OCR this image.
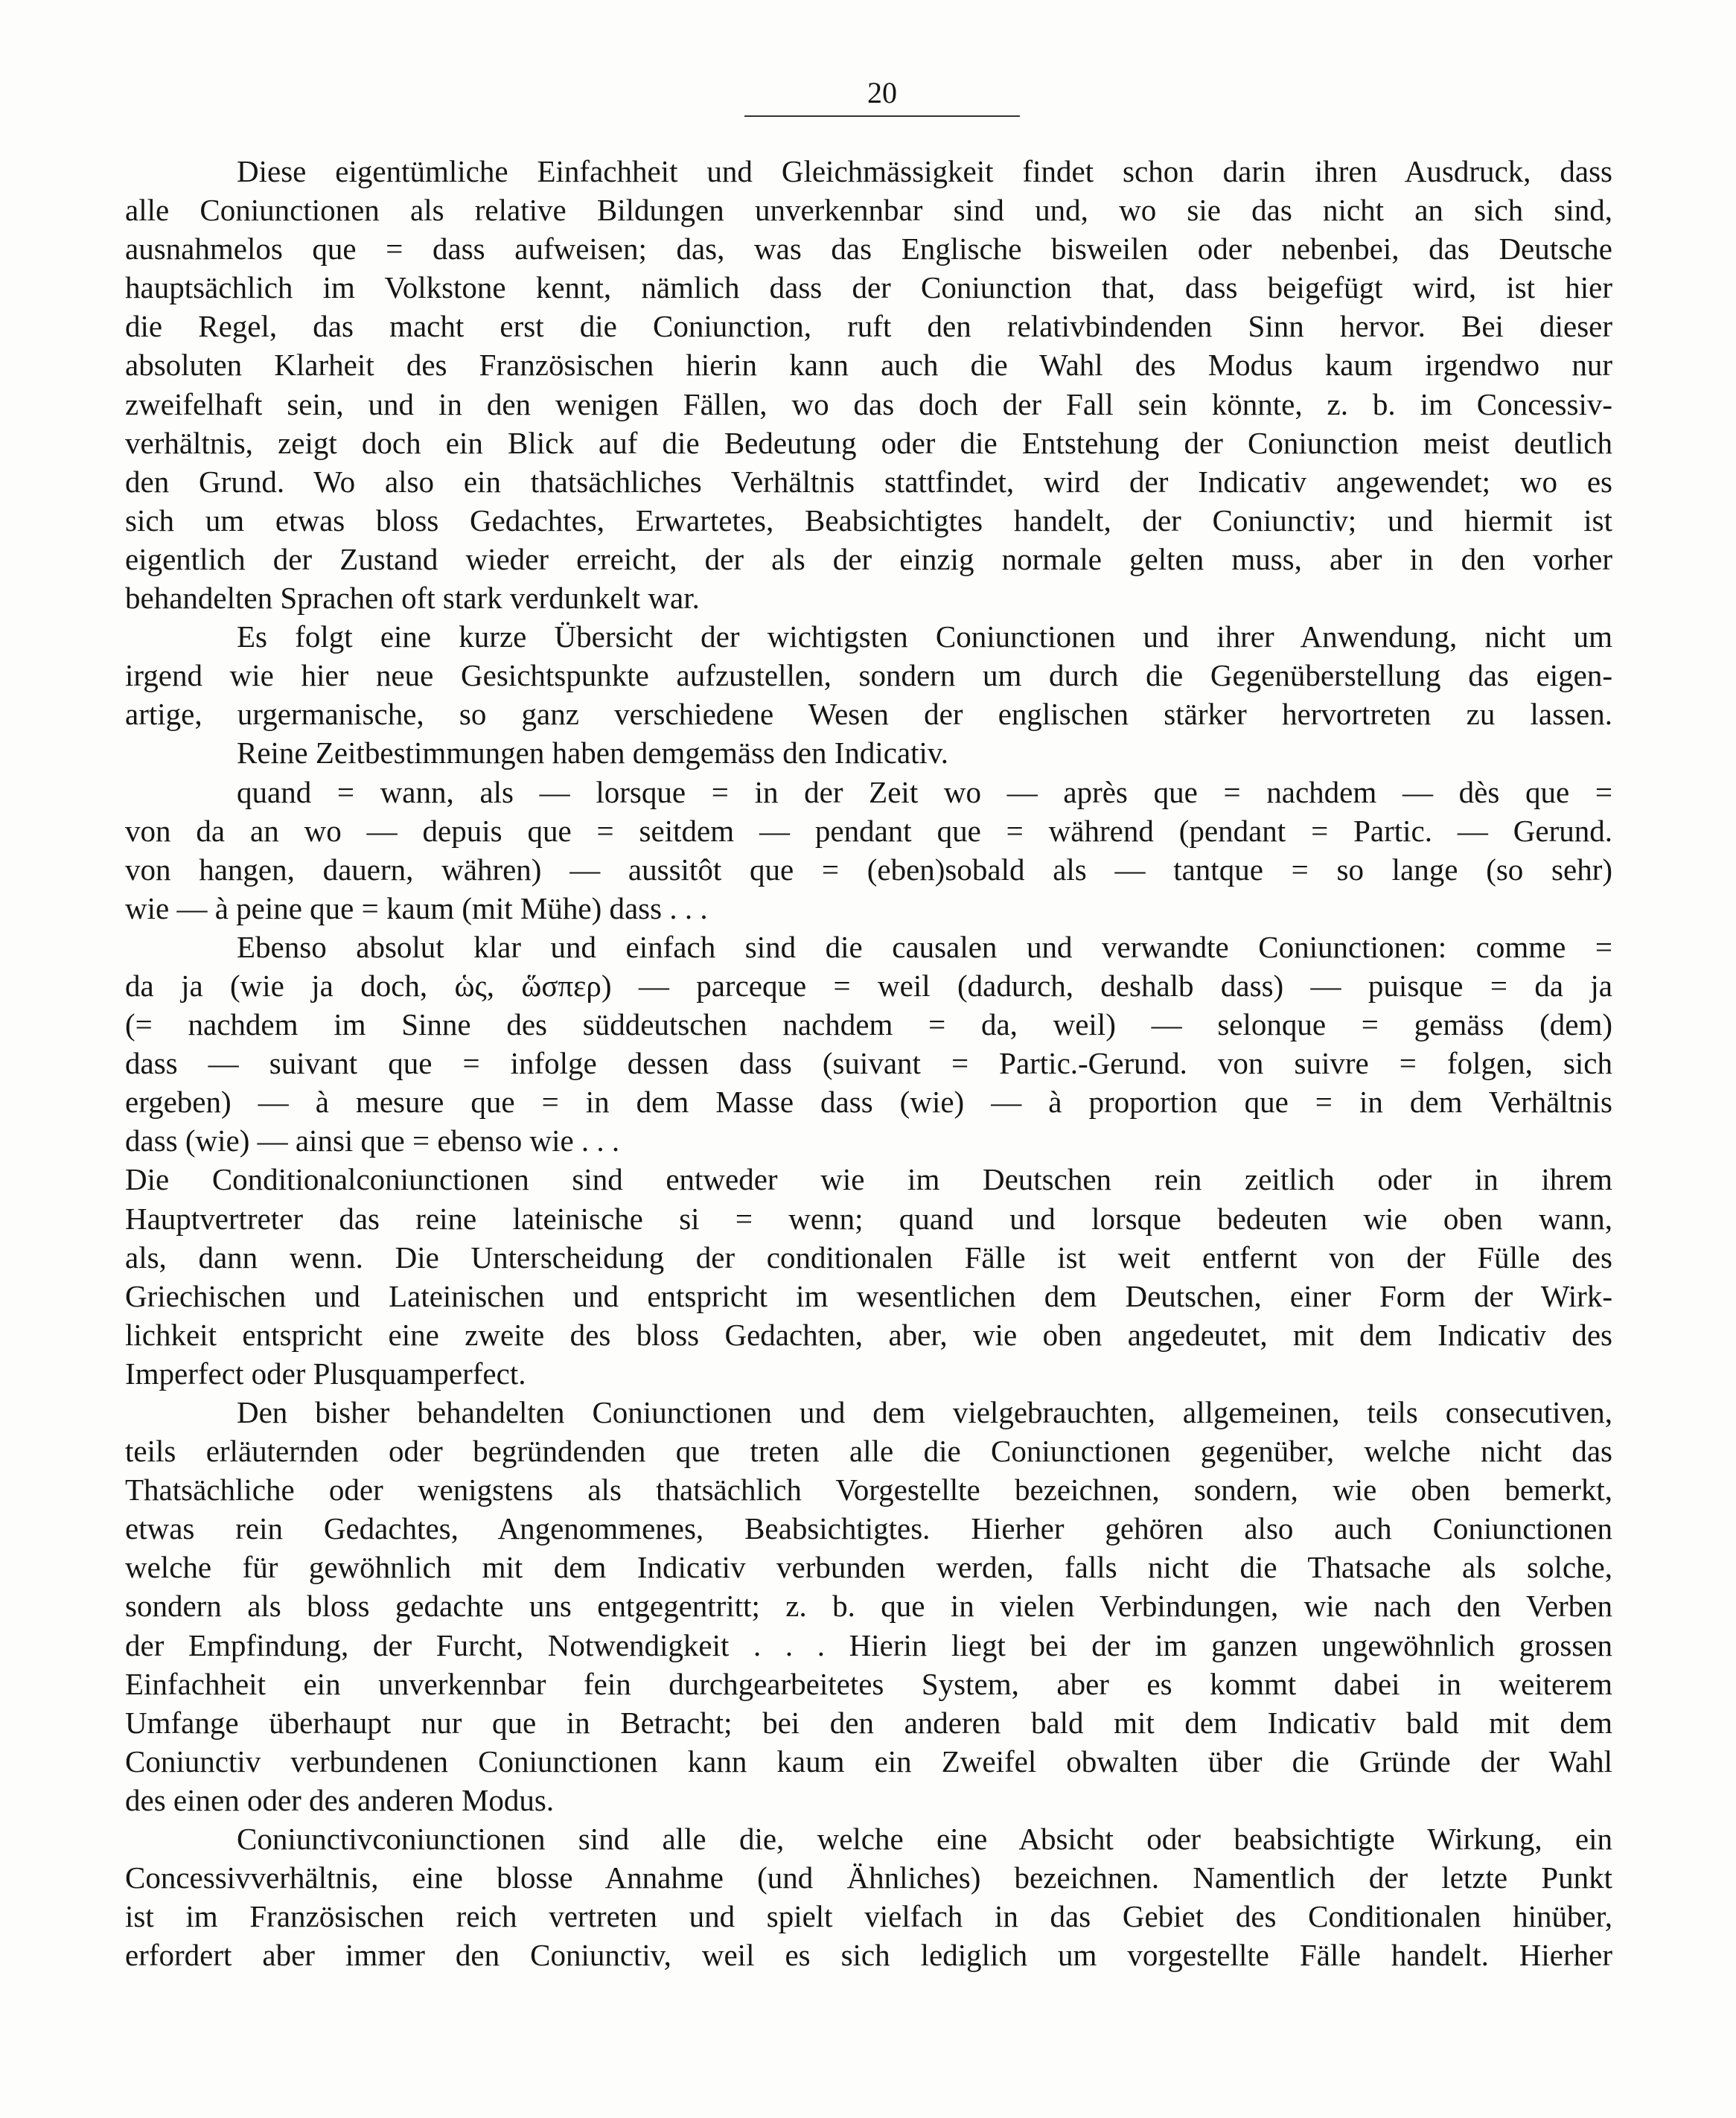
20
Diese eigentümliche Einfachheit und Gleichmässigkeit findet schon darin ihren Ausdruck, dass
alle Coniunctionen als relative Bildungen unverkennbar sind und, wo sie das nicht an sich sind,
ausnahmelos que = dass aufweisen; das, was das Englische bisweilen oder nebenbei, das Deutsche
hauptsächlich im Volkstone kennt, nämlich dass der Coniunction that, dass beigefügt wird, ist hier
die Regel, das macht erst die Coniunction, ruft den relativbindenden Sinn hervor. Bei dieser
absoluten Klarheit des Französischen hierin kann auch die Wahl des Modus kaum irgendwo nur
zweifelhaft sein, und in den wenigen Fällen, wo das doch der Fall sein könnte, z. b. im Concessiv-
verhältnis, zeigt doch ein Blick auf die Bedeutung oder die Entstehung der Coniunction meist deutlich
den Grund. Wo also ein thatsächliches Verhältnis stattfindet, wird der Indicativ angewendet; wo es
sich um etwas bloss Gedachtes, Erwartetes, Beabsichtigtes handelt, der Coniunctiv; und hiermit ist
eigentlich der Zustand wieder erreicht, der als der einzig normale gelten muss, aber in den vorher
behandelten Sprachen oft stark verdunkelt war.
Es folgt eine kurze Übersicht der wichtigsten Coniunctionen und ihrer Anwendung, nicht um
irgend wie hier neue Gesichtspunkte aufzustellen, sondern um durch die Gegenüberstellung das eigen-
artige, urgermanische, so ganz verschiedene Wesen der englischen stärker hervortreten zu lassen.
Reine Zeitbestimmungen haben demgemäss den Indicativ.
quand = wann, als — lorsque = in der Zeit wo — après que = nachdem — dès que =
von da an wo — depuis que = seitdem — pendant que = während (pendant = Partic. — Gerund.
von hangen, dauern, währen) — aussitôt que = (eben)sobald als — tantque = so lange (so sehr)
wie — à peine que = kaum (mit Mühe) dass . . .
Ebenso absolut klar und einfach sind die causalen und verwandte Coniunctionen: comme =
da ja (wie ja doch, ὡς, ὥσπερ) — parceque = weil (dadurch, deshalb dass) — puisque = da ja
(= nachdem im Sinne des süddeutschen nachdem = da, weil) — selonque = gemäss (dem)
dass — suivant que = infolge dessen dass (suivant = Partic.-Gerund. von suivre = folgen, sich
ergeben) — à mesure que = in dem Masse dass (wie) — à proportion que = in dem Verhältnis
dass (wie) — ainsi que = ebenso wie . . .
Die Conditionalconiunctionen sind entweder wie im Deutschen rein zeitlich oder in ihrem
Hauptvertreter das reine lateinische si = wenn; quand und lorsque bedeuten wie oben wann,
als, dann wenn. Die Unterscheidung der conditionalen Fälle ist weit entfernt von der Fülle des
Griechischen und Lateinischen und entspricht im wesentlichen dem Deutschen, einer Form der Wirk-
lichkeit entspricht eine zweite des bloss Gedachten, aber, wie oben angedeutet, mit dem Indicativ des
Imperfect oder Plusquamperfect.
Den bisher behandelten Coniunctionen und dem vielgebrauchten, allgemeinen, teils consecutiven,
teils erläuternden oder begründenden que treten alle die Coniunctionen gegenüber, welche nicht das
Thatsächliche oder wenigstens als thatsächlich Vorgestellte bezeichnen, sondern, wie oben bemerkt,
etwas rein Gedachtes, Angenommenes, Beabsichtigtes. Hierher gehören also auch Coniunctionen
welche für gewöhnlich mit dem Indicativ verbunden werden, falls nicht die Thatsache als solche,
sondern als bloss gedachte uns entgegentritt; z. b. que in vielen Verbindungen, wie nach den Verben
der Empfindung, der Furcht, Notwendigkeit . . . Hierin liegt bei der im ganzen ungewöhnlich grossen
Einfachheit ein unverkennbar fein durchgearbeitetes System, aber es kommt dabei in weiterem
Umfange überhaupt nur que in Betracht; bei den anderen bald mit dem Indicativ bald mit dem
Coniunctiv verbundenen Coniunctionen kann kaum ein Zweifel obwalten über die Gründe der Wahl
des einen oder des anderen Modus.
Coniunctivconiunctionen sind alle die, welche eine Absicht oder beabsichtigte Wirkung, ein
Concessivverhältnis, eine blosse Annahme (und Ähnliches) bezeichnen. Namentlich der letzte Punkt
ist im Französischen reich vertreten und spielt vielfach in das Gebiet des Conditionalen hinüber,
erfordert aber immer den Coniunctiv, weil es sich lediglich um vorgestellte Fälle handelt. Hierher
